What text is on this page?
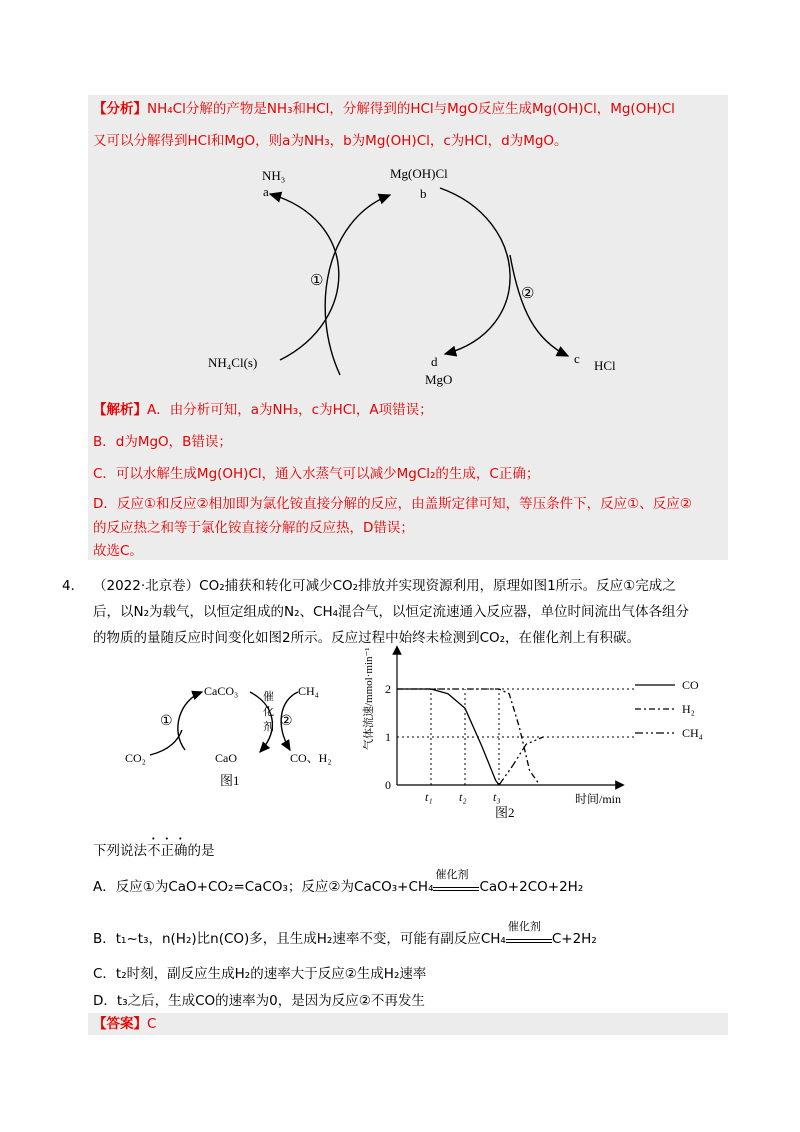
【分析】NH₄Cl分解的产物是NH₃和HCl，分解得到的HCl与MgO反应生成Mg(OH)Cl，Mg(OH)Cl
又可以分解得到HCl和MgO，则a为NH₃，b为Mg(OH)Cl，c为HCl，d为MgO。
NH₃
a
Mg(OH)Cl
b
①
②
NH₄Cl(s)	d
MgO
c HCl
【解析】A．由分析可知，a为NH₃，c为HCl，A项错误；
B．d为MgO，B错误；
C．可以水解生成Mg(OH)Cl，通入水蒸气可以减少MgCl₂的生成，C正确；
D．反应①和反应②相加即为氯化铵直接分解的反应，由盖斯定律可知，等压条件下，反应①、反应②
的反应热之和等于氯化铵直接分解的反应热，D错误；
故选C。
4． （2022·北京卷）CO₂捕获和转化可减少CO₂排放并实现资源利用，原理如图1所示。反应①完成之
后，以N₂为载气，以恒定组成的N₂、CH₄混合气，以恒定流速通入反应器，单位时间流出气体各组分
的物质的量随反应时间变化如图2所示。反应过程中始终未检测到CO₂，在催化剂上有积碳。
CaCO₃	CH₄
①	②
催
化
剂
CO₂	CaO	CO、H₂
图1
气体流速/mmol·min⁻¹
时间/min
0
1
2
t₁ t₂ t₃
CO
H₂
CH₄
图2
下列说法不正确的是
A．反应①为CaO+CO₂=CaCO₃；反应②为CaCO₃+CH₄
催化剂
CaO+2CO+2H₂
B．t₁~t₃，n(H₂)比n(CO)多，且生成H₂速率不变，可能有副反应CH₄
催化剂
C+2H₂
C．t₂时刻，副反应生成H₂的速率大于反应②生成H₂速率
D．t₃之后，生成CO的速率为0，是因为反应②不再发生
【答案】C
